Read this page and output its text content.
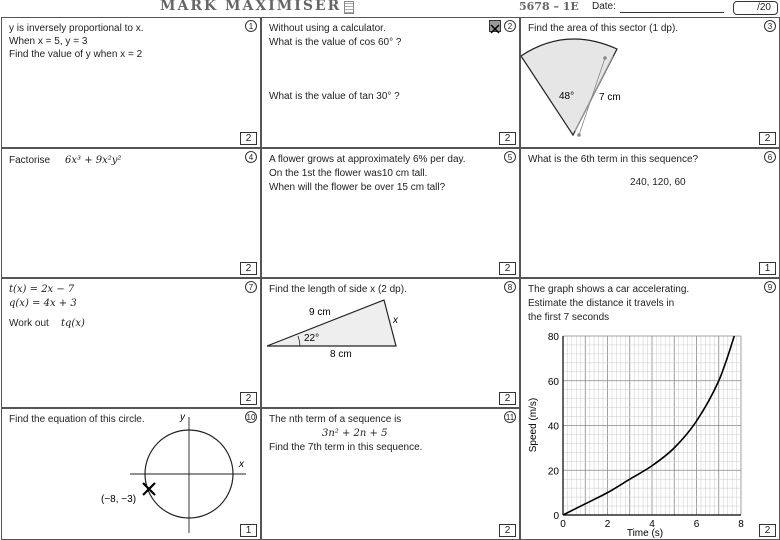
MARK MAXIMISER	5678 – 1E Date:	/20
1
y is inversely proportional to x.
When x = 5, y = 3
Find the value of y when x = 2
2
2
Without using a calculator.
What is the value of cos 60° ?
What is the value of tan 30° ?
2
3
Find the area of this sector (1 dp).
48° 7 cm
2
4
Factorise 6x³ + 9x²y²
2
5
A flower grows at approximately 6% per day.
On the 1st the flower was10 cm tall.
When will the flower be over 15 cm tall?
2
6
What is the 6th term in this sequence?
240, 120, 60
1
7
t(x) = 2x − 7
q(x) = 4x + 3
Work out tq(x)
2
8
Find the length of side x (2 dp).
9 cm
8 cm
22°
x
2
9
The graph shows a car accelerating.
Estimate the distance it travels in
the first 7 seconds
0	2	4	6	8
0
20
40
60
80
Time (s)
Speed (m/s)
2
10
Find the equation of this circle.	y
x
(−8, −3)
1
11
The nth term of a sequence is
3n² + 2n + 5
Find the 7th term in this sequence.
2
